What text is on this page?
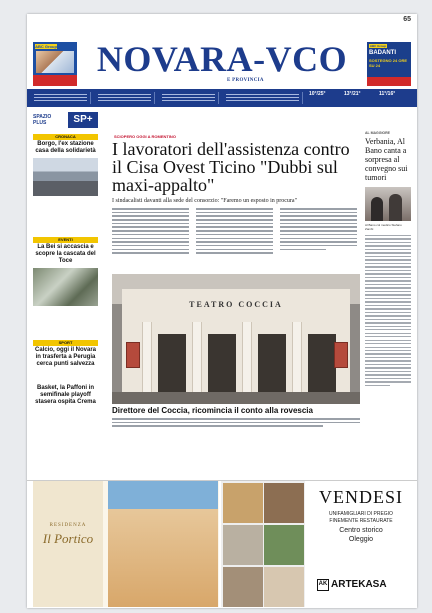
65
ABC Group	NOVARA-VCO
E PROVINCIA
ABC Group
BADANTI
SOSTEGNO 24 ORE SU 24
10°/25°	13°/21°	11°/16°
SPAZIO PLUS	SP+
CRONACA
Borgo, l'ex stazione casa della solidarietà
EVENTI
La Bei si accascia e scopre la cascata del Toce
SPORT
Calcio, oggi il Novara in trasferta a Perugia cerca punti salvezza
Basket, la Paffoni in semifinale playoff stasera ospita Crema
SCIOPERO OGGI A ROMENTINO
I lavoratori dell'assistenza contro il Cisa Ovest Ticino "Dubbi sul maxi-appalto"
I sindacalisti davanti alla sede del consorzio: "Faremo un esposto in procura"
TEATRO COCCIA
Direttore del Coccia, ricomincia il conto alla rovescia
AL MAGGIORE
Verbania, Al Bano canta a sorpresa al convegno sui tumori
Al Bano col medico Stefano Zambi
RESIDENZA
Il Portico
VENDESI
UNIFAMIGLIARI DI PREGIO
FINEMENTE RESTAURATE
Centro storico
Oleggio
AK ARTEKASA
